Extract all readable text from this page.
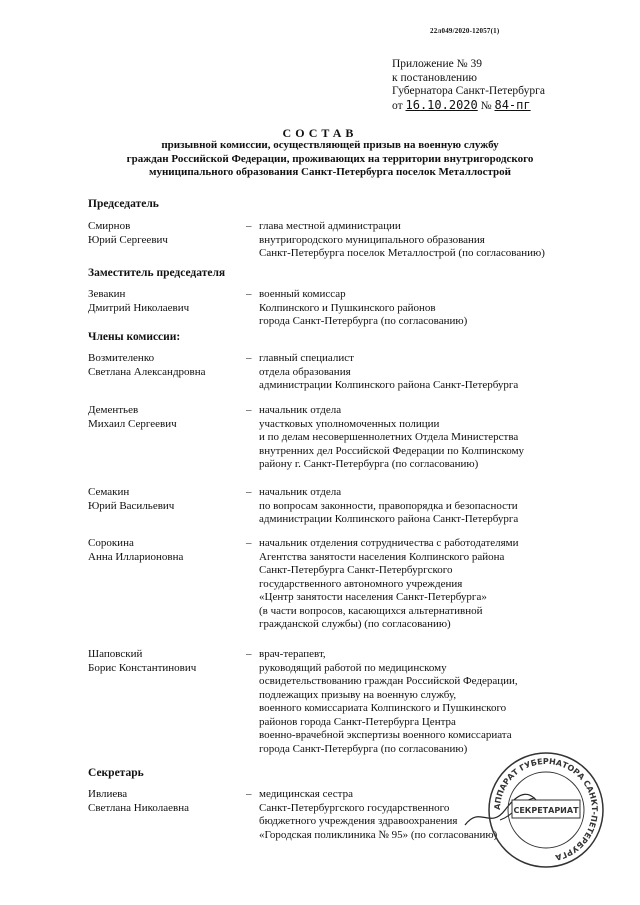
22л049/2020-12057(1)
Приложение № 39
к постановлению
Губернатора Санкт-Петербурга
от 16.10.2020 № 84-пг
СОСТАВ
призывной комиссии, осуществляющей призыв на военную службу
граждан Российской Федерации, проживающих на территории внутригородского
муниципального образования Санкт-Петербурга поселок Металлострой
Председатель
Заместитель председателя
Члены комиссии:
Секретарь
Смирнов
Юрий Сергеевич
– глава местной администрации
внутригородского муниципального образования
Санкт-Петербурга поселок Металлострой (по согласованию)
Зевакин
Дмитрий Николаевич
– военный комиссар
Колпинского и Пушкинского районов
города Санкт-Петербурга (по согласованию)
Возмителенко
Светлана Александровна
– главный специалист
отдела образования
администрации Колпинского района Санкт-Петербурга
Дементьев
Михаил Сергеевич
– начальник отдела
участковых уполномоченных полиции
и по делам несовершеннолетних Отдела Министерства
внутренних дел Российской Федерации по Колпинскому
району г. Санкт-Петербурга (по согласованию)
Семакин
Юрий Васильевич
– начальник отдела
по вопросам законности, правопорядка и безопасности
администрации Колпинского района Санкт-Петербурга
Сорокина
Анна Илларионовна
– начальник отделения сотрудничества с работодателями
Агентства занятости населения Колпинского района
Санкт-Петербурга Санкт-Петербургского
государственного автономного учреждения
«Центр занятости населения Санкт-Петербурга»
(в части вопросов, касающихся альтернативной
гражданской службы) (по согласованию)
Шаповский
Борис Константинович
– врач-терапевт,
руководящий работой по медицинскому
освидетельствованию граждан Российской Федерации,
подлежащих призыву на военную службу,
военного комиссариата Колпинского и Пушкинского
районов города Санкт-Петербурга Центра
военно-врачебной экспертизы военного комиссариата
города Санкт-Петербурга (по согласованию)
Ивлиева
Светлана Николаевна
– медицинская сестра
Санкт-Петербургского государственного
бюджетного учреждения здравоохранения
«Городская поликлиника № 95» (по согласованию)
АППАРАТ ГУБЕРНАТОРА САНКТ-ПЕТЕРБУРГА
СЕКРЕТАРИАТ
